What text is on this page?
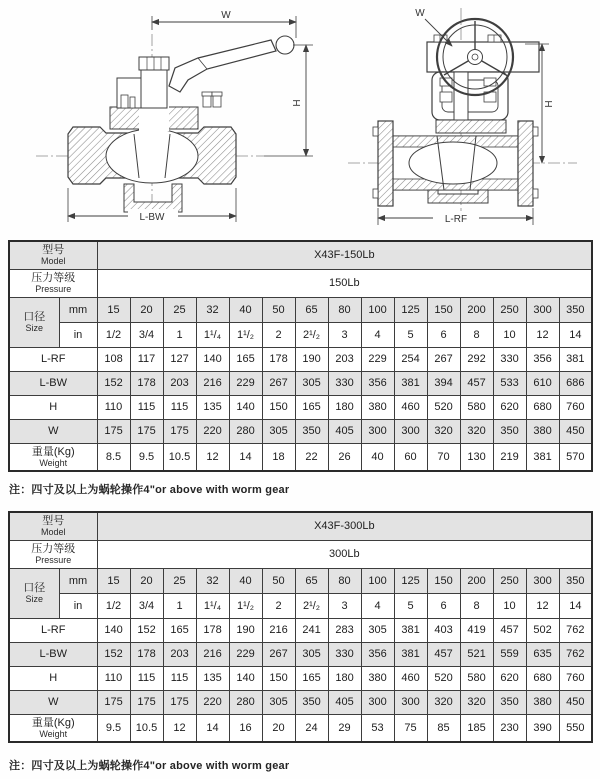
W
H
L-BW
W
H
L-RF
型号
Model		X43F-150Lb														

压力等级
Pressure		150Lb														

口径
Size	mm	15	20	25	32	40	50	65	80	100	125	150	200	250	300	350
	in	1/2	3/4	1	1¹/₄	1¹/₂	2	2¹/₂	3	4	5	6	8	10	12	14
L-RF		108	117	127	140	165	178	190	203	229	254	267	292	330	356	381
L-BW		152	178	203	216	229	267	305	330	356	381	394	457	533	610	686
H		110	115	115	135	140	150	165	180	380	460	520	580	620	680	760
W		175	175	175	220	280	305	350	405	300	300	320	320	350	380	450

重量(Kg)
Weight		8.5	9.5	10.5	12	14	18	22	26	40	60	70	130	219	381	570
注：四寸及以上为蜗轮操作4"or above with worm gear
型号
Model		X43F-300Lb														

压力等级
Pressure		300Lb														

口径
Size	mm	15	20	25	32	40	50	65	80	100	125	150	200	250	300	350
	in	1/2	3/4	1	1¹/₄	1¹/₂	2	2¹/₂	3	4	5	6	8	10	12	14
L-RF		140	152	165	178	190	216	241	283	305	381	403	419	457	502	762
L-BW		152	178	203	216	229	267	305	330	356	381	457	521	559	635	762
H		110	115	115	135	140	150	165	180	380	460	520	580	620	680	760
W		175	175	175	220	280	305	350	405	300	300	320	320	350	380	450

重量(Kg)
Weight		9.5	10.5	12	14	16	20	24	29	53	75	85	185	230	390	550
注：四寸及以上为蜗轮操作4"or above with worm gear
